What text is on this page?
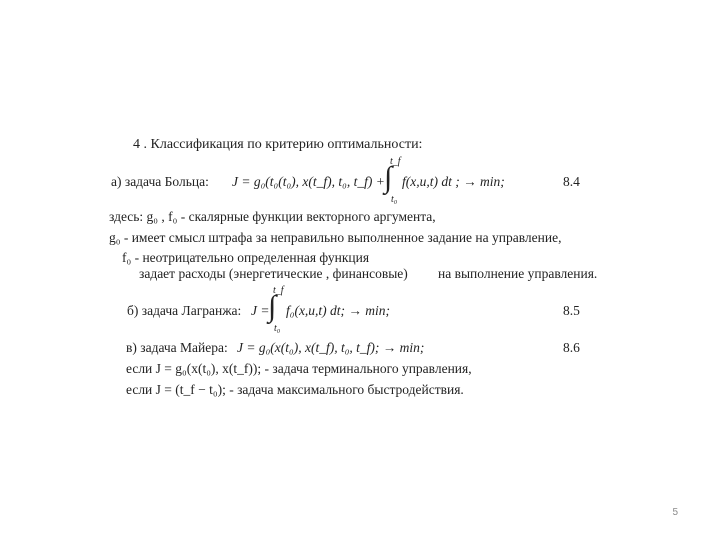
4 . Классификация по критерию оптимальности:
а) задача Больца: J = g₀(t₀(t₀), x(t_f), t₀, t_f) +
t_f
∫
t₀
f(x,u,t) dt ; → min;	8.4
здесь: g₀ , f₀ - скалярные функции векторного аргумента,
g₀ - имеет смысл штрафа за неправильно выполненное задание на управление,
f₀ - неотрицательно определенная функция
задает расходы (энергетические , финансовые) на выполнение управления.
б) задача Лагранжа: J =
t_f
∫
t₀
f₀(x,u,t) dt; → min;	8.5
в) задача Майера: J = g₀(x(t₀), x(t_f), t₀, t_f); → min;	8.6
если J = g₀(x(t₀), x(t_f)); - задача терминального управления,
если J = (t_f − t₀); - задача максимального быстродействия.
5
